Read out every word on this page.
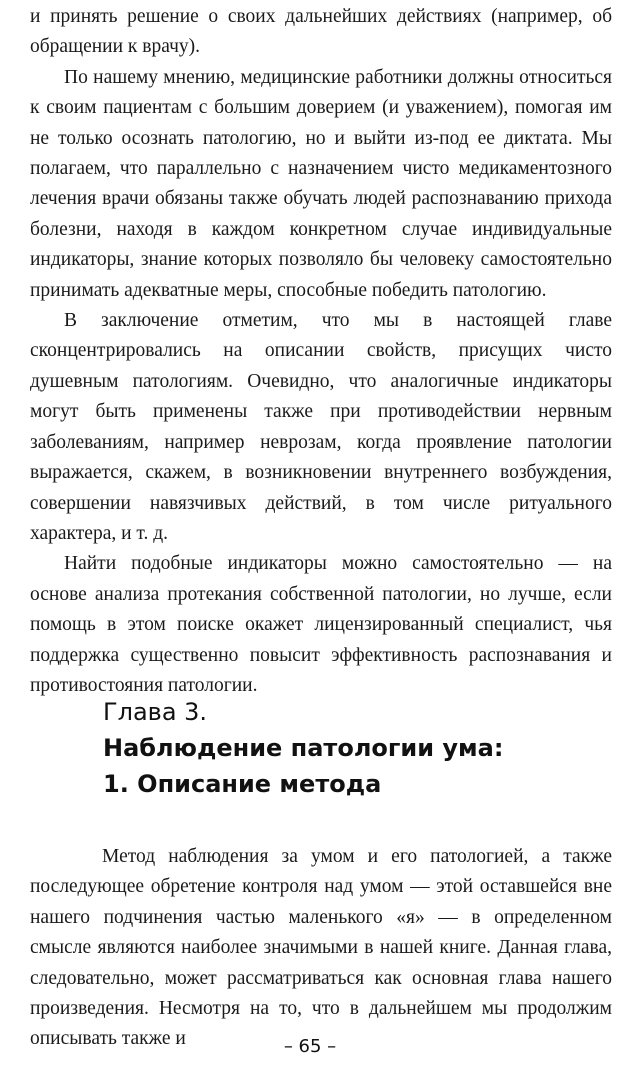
и принять решение о своих дальнейших действиях (например, об обращении к врачу).

По нашему мнению, медицинские работники должны относиться к своим пациентам с большим доверием (и уважением), помогая им не только осознать патологию, но и выйти из-под ее диктата. Мы полагаем, что параллельно с назначением чисто медикаментозного лечения врачи обязаны также обучать людей распознаванию прихода болезни, находя в каждом конкретном случае индивидуальные индикаторы, знание которых позволяло бы человеку самостоятельно принимать адекватные меры, способные победить патологию.

В заключение отметим, что мы в настоящей главе сконцентрировались на описании свойств, присущих чисто душевным патологиям. Очевидно, что аналогичные индикаторы могут быть применены также при противодействии нервным заболеваниям, например неврозам, когда проявление патологии выражается, скажем, в возникновении внутреннего возбуждения, совершении навязчивых действий, в том числе ритуального характера, и т. д.

Найти подобные индикаторы можно самостоятельно — на основе анализа протекания собственной патологии, но лучше, если помощь в этом поиске окажет лицензированный специалист, чья поддержка существенно повысит эффективность распознавания и противостояния патологии.

Глава 3.
Наблюдение патологии ума:
1. Описание метода

Метод наблюдения за умом и его патологией, а также последующее обретение контроля над умом — этой оставшейся вне нашего подчинения частью маленького «я» — в определенном смысле являются наиболее значимыми в нашей книге. Данная глава, следовательно, может рассматриваться как основная глава нашего произведения. Несмотря на то, что в дальнейшем мы продолжим описывать также и	– 65 –
